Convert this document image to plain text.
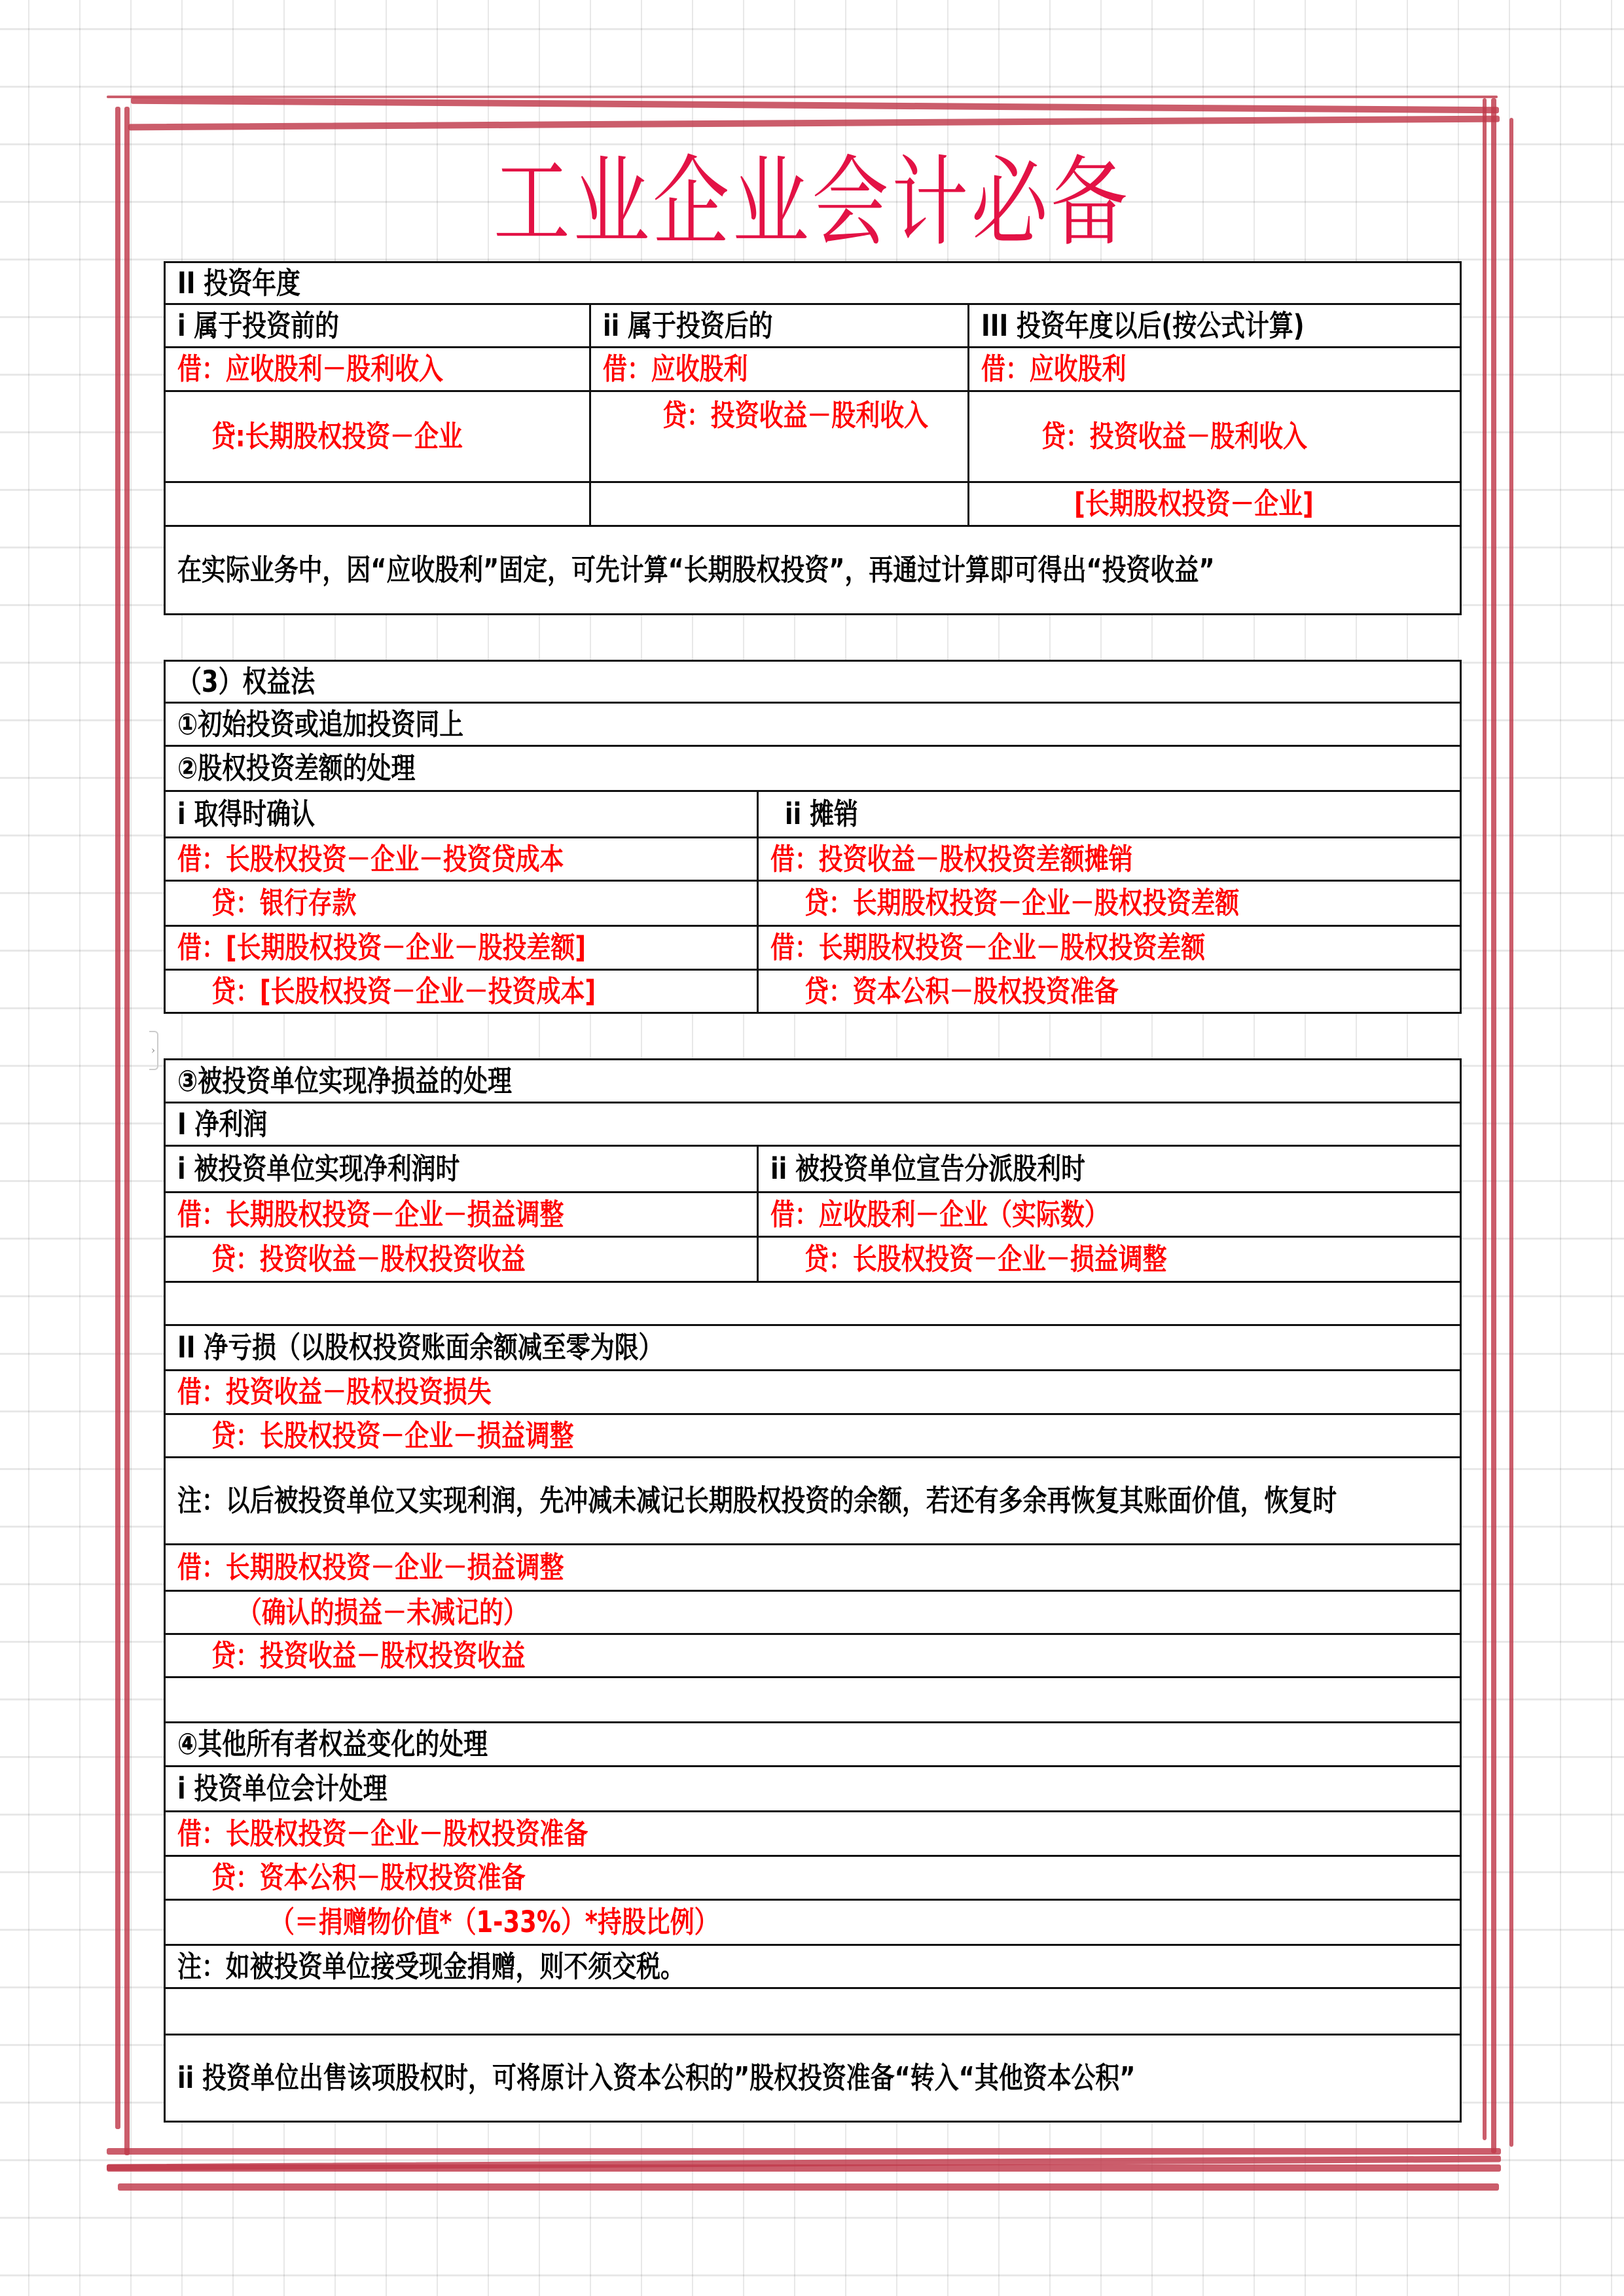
工业企业会计必备
II 投资年度		
i 属于投资前的	ii 属于投资后的	III 投资年度以后(按公式计算)
借：应收股利－股利收入	借：应收股利	借：应收股利
贷:长期股权投资－企业	贷：投资收益－股利收入	贷：投资收益－股利收入
		[长期股权投资－企业]
在实际业务中，因“应收股利”固定，可先计算“长期股权投资”，再通过计算即可得出“投资收益”		
（3）权益法	
①初始投资或追加投资同上	
②股权投资差额的处理	
i 取得时确认	ii 摊销
借：长股权投资－企业－投资贷成本	借：投资收益－股权投资差额摊销
贷：银行存款	贷：长期股权投资－企业－股权投资差额
借：[长期股权投资－企业－股投差额]	借：长期股权投资－企业－股权投资差额
贷：[长股权投资－企业－投资成本]	贷：资本公积－股权投资准备
›
③被投资单位实现净损益的处理	
I 净利润	
i 被投资单位实现净利润时	ii 被投资单位宣告分派股利时
借：长期股权投资－企业－损益调整	借：应收股利－企业（实际数）
贷：投资收益－股权投资收益	贷：长股权投资－企业－损益调整

II 净亏损（以股权投资账面余额减至零为限）	
借：投资收益－股权投资损失	
贷：长股权投资－企业－损益调整	
注：以后被投资单位又实现利润，先冲减未减记长期股权投资的余额，若还有多余再恢复其账面价值，恢复时	
借：长期股权投资－企业－损益调整	
（确认的损益－未减记的）	
贷：投资收益－股权投资收益	

④其他所有者权益变化的处理	
i 投资单位会计处理	
借：长股权投资－企业－股权投资准备	
贷：资本公积－股权投资准备	
（＝捐赠物价值*（1-33%）*持股比例）	
注：如被投资单位接受现金捐赠，则不须交税。	

ii 投资单位出售该项股权时，可将原计入资本公积的”股权投资准备“转入“其他资本公积”	
